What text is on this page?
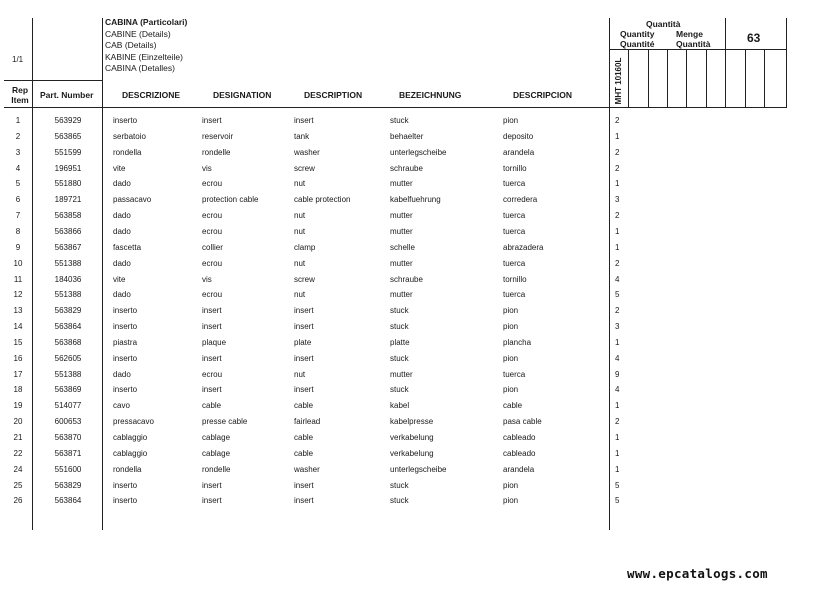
1/1
CABINA (Particolari)
CABINE (Details)
CAB (Details)
KABINE (Einzelteile)
CABINA (Detalles)
Quantità
Quantity	Menge
Quantité	Quantità	63
MHT 10160L
Rep
Item	Part. Number	DESCRIZIONE	DESIGNATION	DESCRIPTION	BEZEICHNUNG	DESCRIPCION
1	563929	inserto	insert	insert	stuck	pion	2
2	563865	serbatoio	reservoir	tank	behaelter	deposito	1
3	551599	rondella	rondelle	washer	unterlegscheibe	arandela	2
4	196951	vite	vis	screw	schraube	tornillo	2
5	551880	dado	ecrou	nut	mutter	tuerca	1
6	189721	passacavo	protection cable	cable protection	kabelfuehrung	corredera	3
7	563858	dado	ecrou	nut	mutter	tuerca	2
8	563866	dado	ecrou	nut	mutter	tuerca	1
9	563867	fascetta	collier	clamp	schelle	abrazadera	1
10	551388	dado	ecrou	nut	mutter	tuerca	2
11	184036	vite	vis	screw	schraube	tornillo	4
12	551388	dado	ecrou	nut	mutter	tuerca	5
13	563829	inserto	insert	insert	stuck	pion	2
14	563864	inserto	insert	insert	stuck	pion	3
15	563868	piastra	plaque	plate	platte	plancha	1
16	562605	inserto	insert	insert	stuck	pion	4
17	551388	dado	ecrou	nut	mutter	tuerca	9
18	563869	inserto	insert	insert	stuck	pion	4
19	514077	cavo	cable	cable	kabel	cable	1
20	600653	pressacavo	presse cable	fairlead	kabelpresse	pasa cable	2
21	563870	cablaggio	cablage	cable	verkabelung	cableado	1
22	563871	cablaggio	cablage	cable	verkabelung	cableado	1
24	551600	rondella	rondelle	washer	unterlegscheibe	arandela	1
25	563829	inserto	insert	insert	stuck	pion	5
26	563864	inserto	insert	insert	stuck	pion	5
www.epcatalogs.com
